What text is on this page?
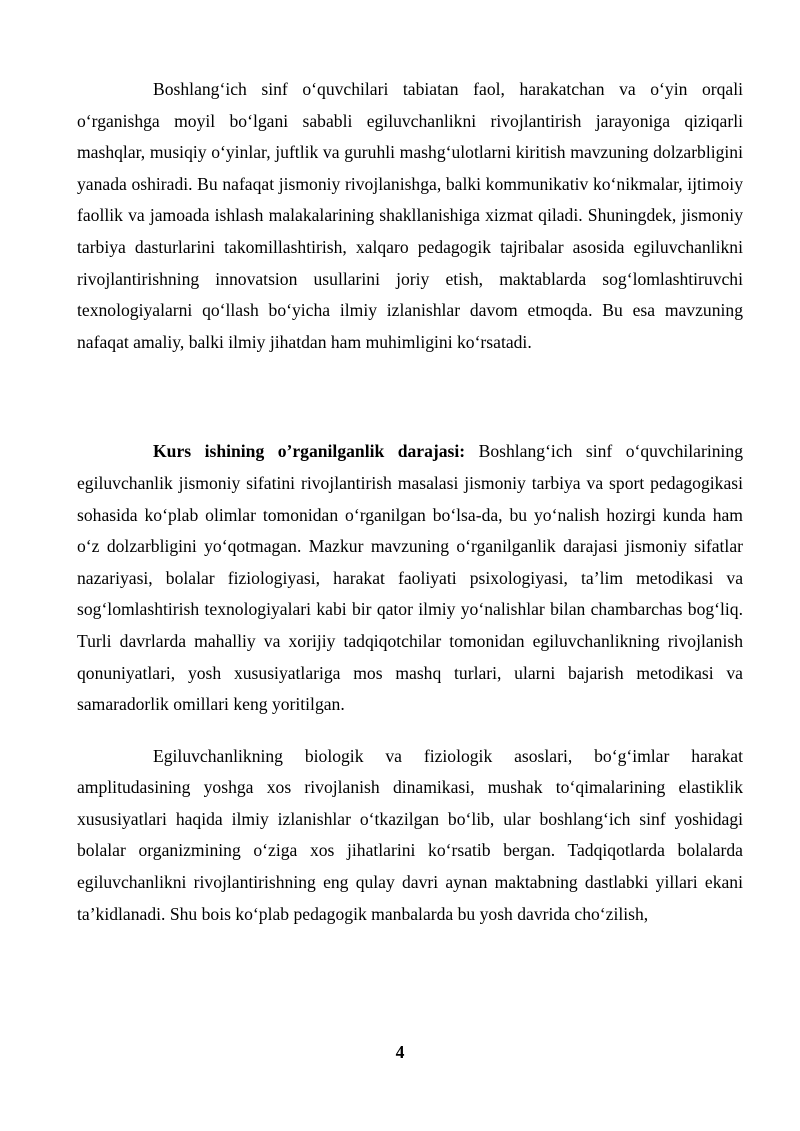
Boshlang‘ich sinf o‘quvchilari tabiatan faol, harakatchan va o‘yin orqali o‘rganishga moyil bo‘lgani sababli egiluvchanlikni rivojlantirish jarayoniga qiziqarli mashqlar, musiqiy o‘yinlar, juftlik va guruhli mashg‘ulotlarni kiritish mavzuning dolzarbligini yanada oshiradi. Bu nafaqat jismoniy rivojlanishga, balki kommunikativ ko‘nikmalar, ijtimoiy faollik va jamoada ishlash malakalarining shakllanishiga xizmat qiladi. Shuningdek, jismoniy tarbiya dasturlarini takomillashtirish, xalqaro pedagogik tajribalar asosida egiluvchanlikni rivojlantirishning innovatsion usullarini joriy etish, maktablarda sog‘lomlashtiruvchi texnologiyalarni qo‘llash bo‘yicha ilmiy izlanishlar davom etmoqda. Bu esa mavzuning nafaqat amaliy, balki ilmiy jihatdan ham muhimligini ko‘rsatadi.

Kurs ishining o’rganilganlik darajasi: Boshlang‘ich sinf o‘quvchilarining egiluvchanlik jismoniy sifatini rivojlantirish masalasi jismoniy tarbiya va sport pedagogikasi sohasida ko‘plab olimlar tomonidan o‘rganilgan bo‘lsa-da, bu yo‘nalish hozirgi kunda ham o‘z dolzarbligini yo‘qotmagan. Mazkur mavzuning o‘rganilganlik darajasi jismoniy sifatlar nazariyasi, bolalar fiziologiyasi, harakat faoliyati psixologiyasi, ta’lim metodikasi va sog‘lomlashtirish texnologiyalari kabi bir qator ilmiy yo‘nalishlar bilan chambarchas bog‘liq. Turli davrlarda mahalliy va xorijiy tadqiqotchilar tomonidan egiluvchanlikning rivojlanish qonuniyatlari, yosh xususiyatlariga mos mashq turlari, ularni bajarish metodikasi va samaradorlik omillari keng yoritilgan.

Egiluvchanlikning biologik va fiziologik asoslari, bo‘g‘imlar harakat amplitudasining yoshga xos rivojlanish dinamikasi, mushak to‘qimalarining elastiklik xususiyatlari haqida ilmiy izlanishlar o‘tkazilgan bo‘lib, ular boshlang‘ich sinf yoshidagi bolalar organizmining o‘ziga xos jihatlarini ko‘rsatib bergan. Tadqiqotlarda bolalarda egiluvchanlikni rivojlantirishning eng qulay davri aynan maktabning dastlabki yillari ekani ta’kidlanadi. Shu bois ko‘plab pedagogik manbalarda bu yosh davrida cho‘zilish,

4
